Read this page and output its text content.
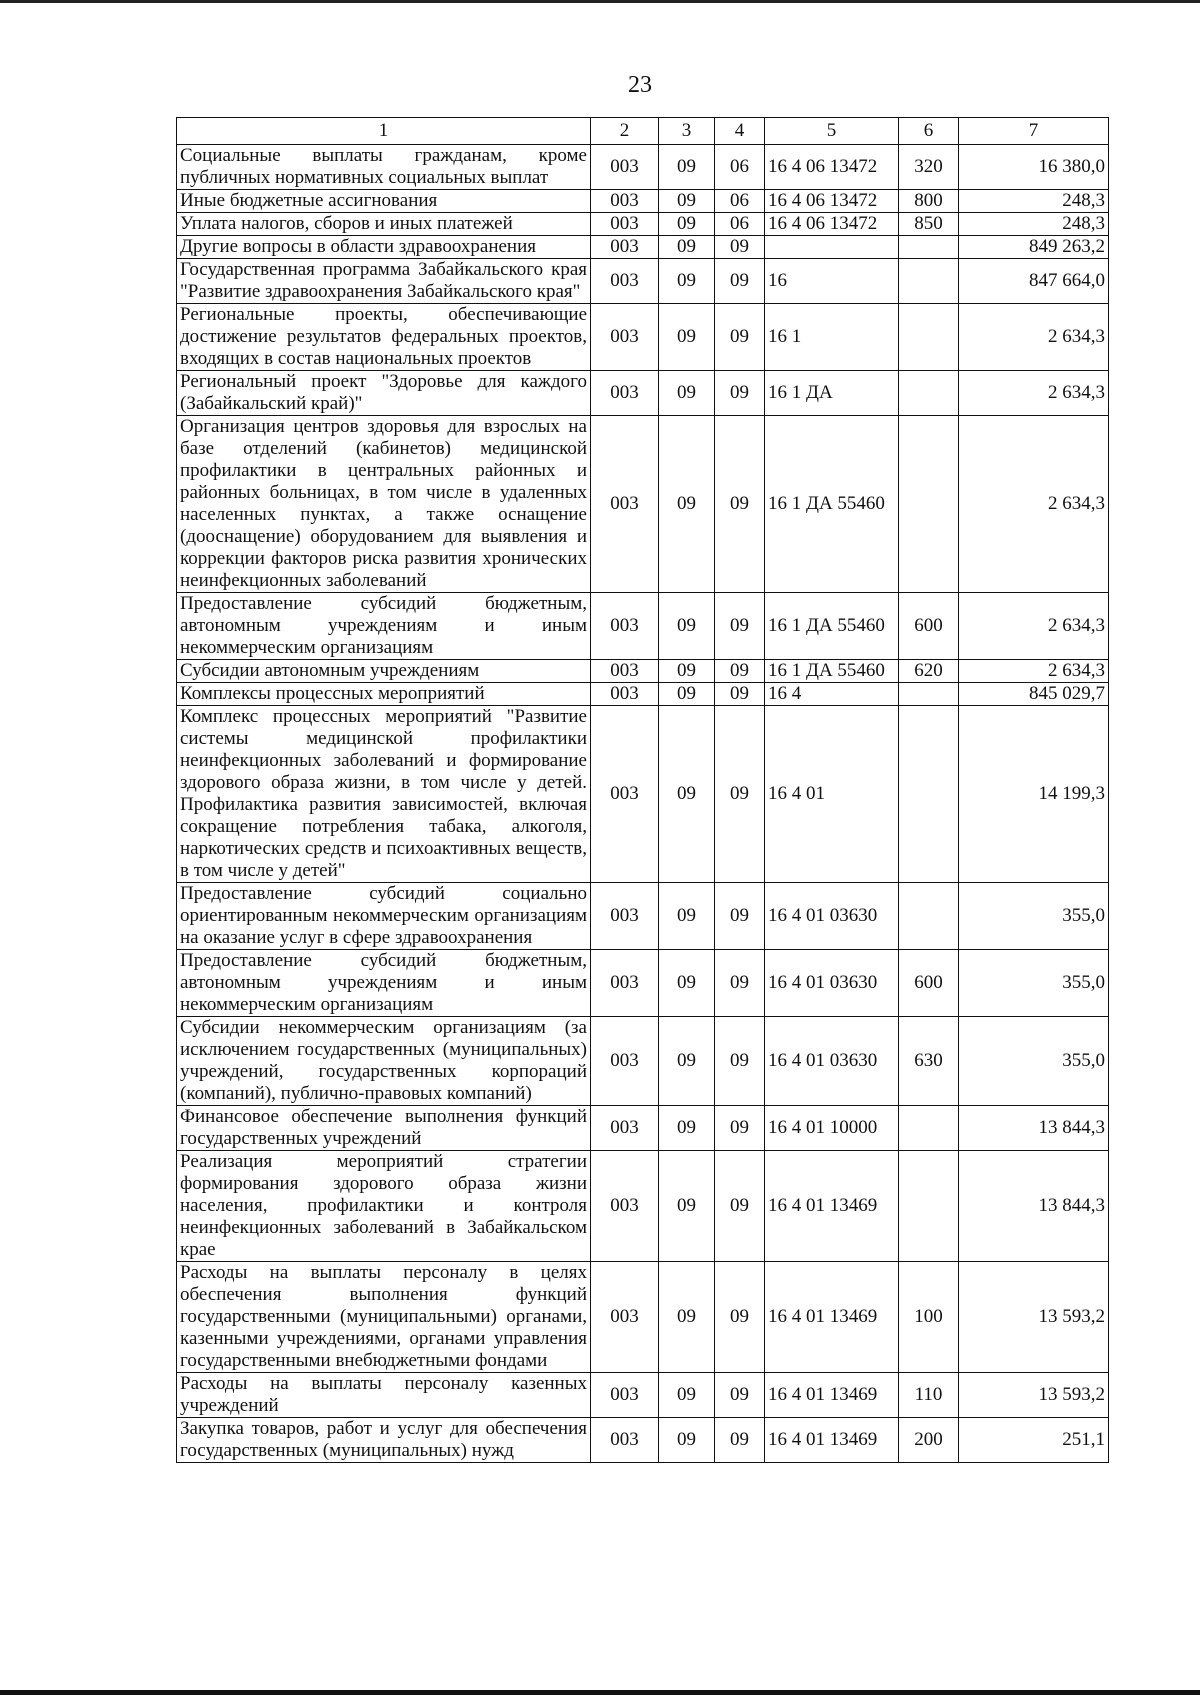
23
1	2	3	4	5	6	7
Социальные выплаты гражданам, кроме публичных нормативных социальных выплат	003	09	06	16 4 06 13472	320	16 380,0
Иные бюджетные ассигнования	003	09	06	16 4 06 13472	800	248,3
Уплата налогов, сборов и иных платежей	003	09	06	16 4 06 13472	850	248,3
Другие вопросы в области здравоохранения	003	09	09			849 263,2
Государственная программа Забайкальского края "Развитие здравоохранения Забайкальского края"	003	09	09	16		847 664,0
Региональные проекты, обеспечивающие достижение результатов федеральных проектов, входящих в состав национальных проектов	003	09	09	16 1		2 634,3
Региональный проект "Здоровье для каждого (Забайкальский край)"	003	09	09	16 1 ДА		2 634,3
Организация центров здоровья для взрослых на базе отделений (кабинетов) медицинской профилактики в центральных районных и районных больницах, в том числе в удаленных населенных пунктах, а также оснащение (дооснащение) оборудованием для выявления и коррекции факторов риска развития хронических неинфекционных заболеваний	003	09	09	16 1 ДА 55460		2 634,3
Предоставление субсидий бюджетным, автономным учреждениям и иным некоммерческим организациям	003	09	09	16 1 ДА 55460	600	2 634,3
Субсидии автономным учреждениям	003	09	09	16 1 ДА 55460	620	2 634,3
Комплексы процессных мероприятий	003	09	09	16 4		845 029,7
Комплекс процессных мероприятий "Развитие системы медицинской профилактики неинфекционных заболеваний и формирование здорового образа жизни, в том числе у детей. Профилактика развития зависимостей, включая сокращение потребления табака, алкоголя, наркотических средств и психоактивных веществ, в том числе у детей"	003	09	09	16 4 01		14 199,3
Предоставление субсидий социально ориентированным некоммерческим организациям на оказание услуг в сфере здравоохранения	003	09	09	16 4 01 03630		355,0
Предоставление субсидий бюджетным, автономным учреждениям и иным некоммерческим организациям	003	09	09	16 4 01 03630	600	355,0
Субсидии некоммерческим организациям (за исключением государственных (муниципальных) учреждений, государственных корпораций (компаний), публично-правовых компаний)	003	09	09	16 4 01 03630	630	355,0
Финансовое обеспечение выполнения функций государственных учреждений	003	09	09	16 4 01 10000		13 844,3
Реализация мероприятий стратегии формирования здорового образа жизни населения, профилактики и контроля неинфекционных заболеваний в Забайкальском крае	003	09	09	16 4 01 13469		13 844,3
Расходы на выплаты персоналу в целях обеспечения выполнения функций государственными (муниципальными) органами, казенными учреждениями, органами управления государственными внебюджетными фондами	003	09	09	16 4 01 13469	100	13 593,2
Расходы на выплаты персоналу казенных учреждений	003	09	09	16 4 01 13469	110	13 593,2
Закупка товаров, работ и услуг для обеспечения государственных (муниципальных) нужд	003	09	09	16 4 01 13469	200	251,1
